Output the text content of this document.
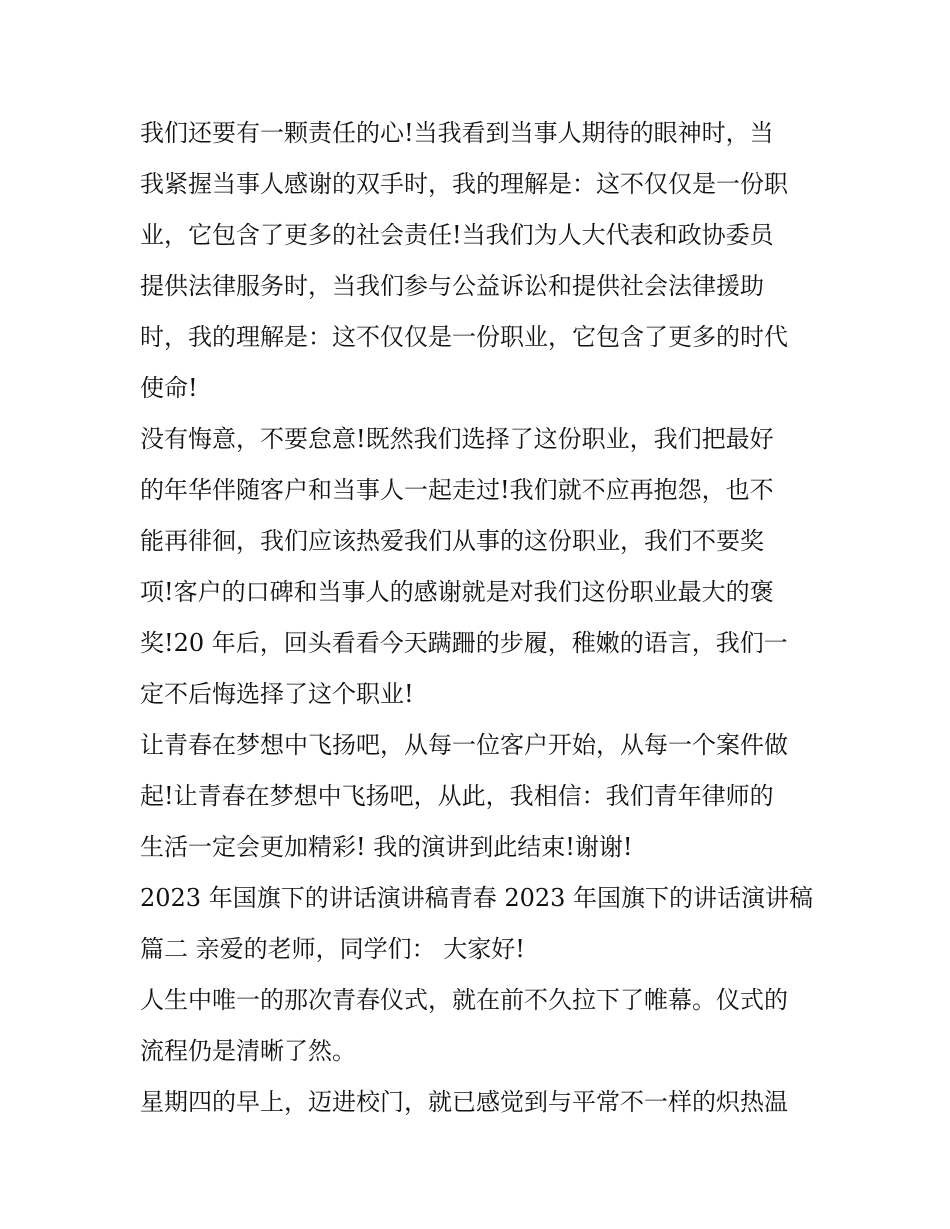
我们还要有一颗责任的心!当我看到当事人期待的眼神时，当
我紧握当事人感谢的双手时，我的理解是：这不仅仅是一份职
业，它包含了更多的社会责任!当我们为人大代表和政协委员
提供法律服务时，当我们参与公益诉讼和提供社会法律援助
时，我的理解是：这不仅仅是一份职业，它包含了更多的时代
使命!
没有悔意，不要怠意!既然我们选择了这份职业，我们把最好
的年华伴随客户和当事人一起走过!我们就不应再抱怨，也不
能再徘徊，我们应该热爱我们从事的这份职业，我们不要奖
项!客户的口碑和当事人的感谢就是对我们这份职业最大的褒
奖!20 年后，回头看看今天蹒跚的步履，稚嫩的语言，我们一
定不后悔选择了这个职业!
让青春在梦想中飞扬吧，从每一位客户开始，从每一个案件做
起!让青春在梦想中飞扬吧，从此，我相信：我们青年律师的
生活一定会更加精彩! 我的演讲到此结束!谢谢!
2023 年国旗下的讲话演讲稿青春 2023 年国旗下的讲话演讲稿
篇二 亲爱的老师，同学们： 大家好!
人生中唯一的那次青春仪式，就在前不久拉下了帷幕。仪式的
流程仍是清晰了然。
星期四的早上，迈进校门，就已感觉到与平常不一样的炽热温
